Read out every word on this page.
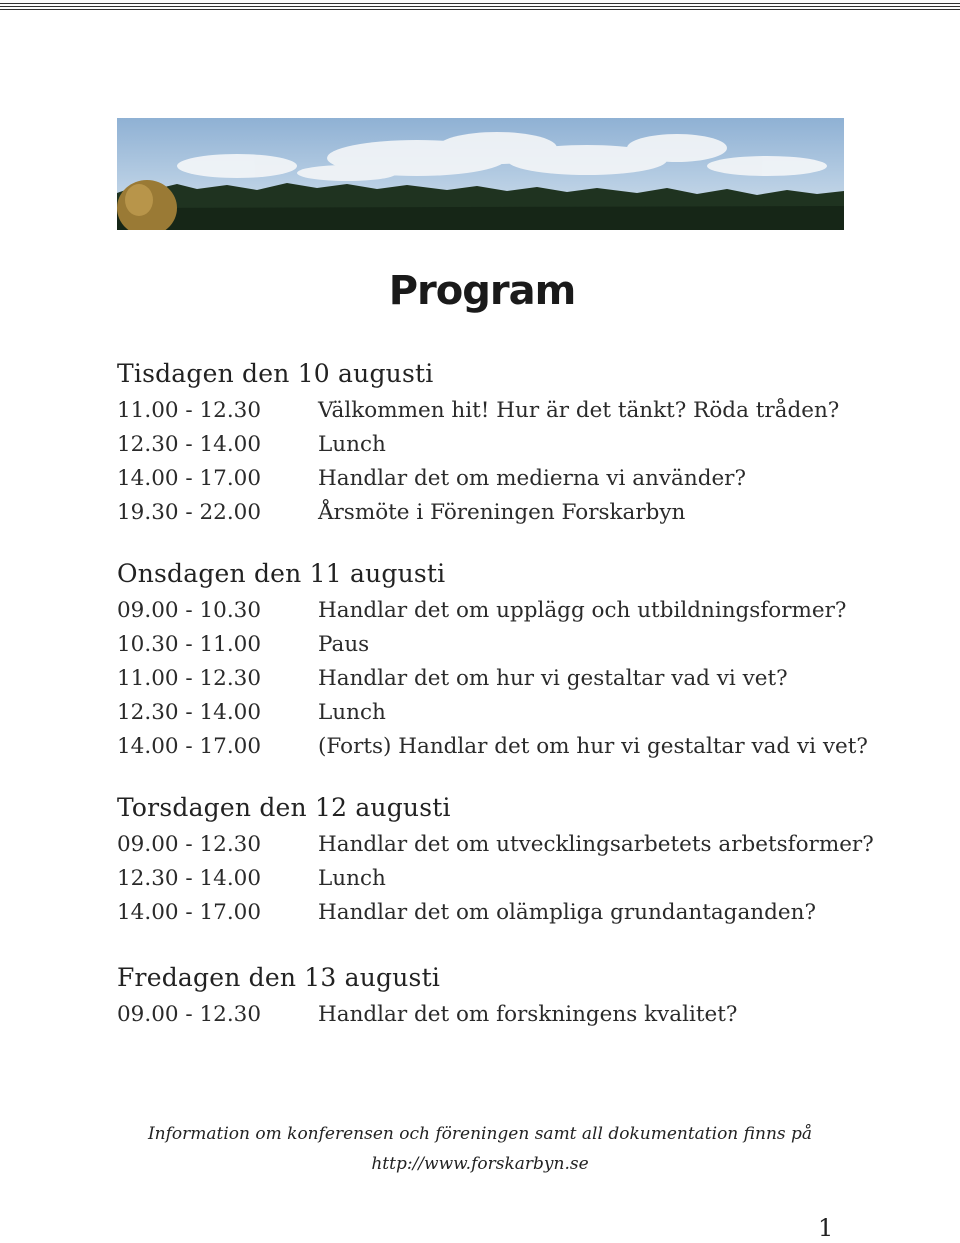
Program
Tisdagen den 10 augusti
11.00 - 12.30	Välkommen hit! Hur är det tänkt? Röda tråden?
12.30 - 14.00	Lunch
14.00 - 17.00	Handlar det om medierna vi använder?
19.30 - 22.00	Årsmöte i Föreningen Forskarbyn
Onsdagen den 11 augusti
09.00 - 10.30	Handlar det om upplägg och utbildningsformer?
10.30 - 11.00	Paus
11.00 - 12.30	Handlar det om hur vi gestaltar vad vi vet?
12.30 - 14.00	Lunch
14.00 - 17.00	(Forts) Handlar det om hur vi gestaltar vad vi vet?
Torsdagen den 12 augusti
09.00 - 12.30	Handlar det om utvecklingsarbetets arbetsformer?
12.30 - 14.00	Lunch
14.00 - 17.00	Handlar det om olämpliga grundantaganden?
Fredagen den 13 augusti
09.00 - 12.30	Handlar det om forskningens kvalitet?
Information om konferensen och föreningen samt all dokumentation finns på
http://www.forskarbyn.se
1
